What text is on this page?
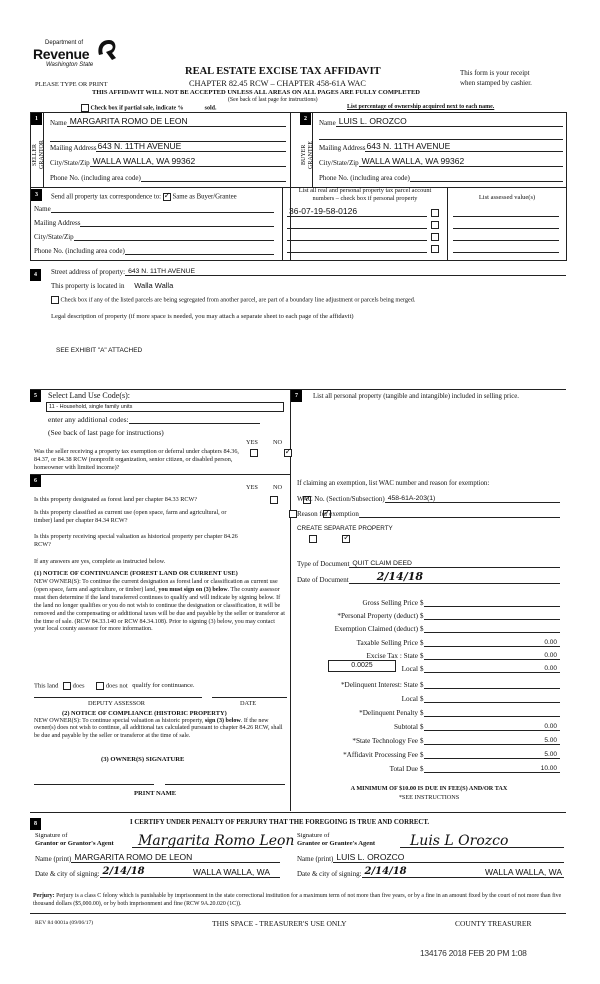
Department of
Revenue
Washington State
PLEASE TYPE OR PRINT
REAL ESTATE EXCISE TAX AFFIDAVIT
CHAPTER 82.45 RCW – CHAPTER 458-61A WAC
This form is your receipt
when stamped by cashier.
THIS AFFIDAVIT WILL NOT BE ACCEPTED UNLESS ALL AREAS ON ALL PAGES ARE FULLY COMPLETED
(See back of last page for instructions)
Check box if partial sale, indicate %	sold.	List percentage of ownership acquired next to each name.
1
SELLER
GRANTOR
Name MARGARITA ROMO DE LEON
Mailing Address 643 N. 11TH AVENUE
City/State/Zip WALLA WALLA, WA 99362
Phone No. (including area code)
2
BUYER
GRANTEE
Name LUIS L. OROZCO
Mailing Address 643 N. 11TH AVENUE
City/State/Zip WALLA WALLA, WA 99362
Phone No. (including area code)
3	Send all property tax correspondence to: ✓ Same as Buyer/Grantee
Name
Mailing Address
City/State/Zip
Phone No. (including area code)
List all real and personal property tax parcel account
numbers – check box if personal property	List assessed value(s)
36-07-19-58-0126
4	Street address of property: 643 N. 11TH AVENUE
This property is located in Walla Walla
Check box if any of the listed parcels are being segregated from another parcel, are part of a boundary line adjustment or parcels being merged.
Legal description of property (if more space is needed, you may attach a separate sheet to each page of the affidavit)
SEE EXHIBIT "A" ATTACHED
5	Select Land Use Code(s):
11 - Household, single family units
enter any additional codes:
(See back of last page for instructions)
YES NO
Was the seller receiving a property tax exemption or deferral under chapters 84.36, 84.37, or 84.38 RCW (nonprofit organization, senior citizen, or disabled person, homeowner with limited income)?
✓
6
YES NO
Is this property designated as forest land per chapter 84.33 RCW?
✓
Is this property classified as current use (open space, farm and agricultural, or timber) land per chapter 84.34 RCW?
✓
Is this property receiving special valuation as historical property per chapter 84.26 RCW?
✓
If any answers are yes, complete as instructed below.
(1) NOTICE OF CONTINUANCE (FOREST LAND OR CURRENT USE)
NEW OWNER(S): To continue the current designation as forest land or classification as current use (open space, farm and agriculture, or timber) land, you must sign on (3) below. The county assessor must then determine if the land transferred continues to qualify and will indicate by signing below. If the land no longer qualifies or you do not wish to continue the designation or classification, it will be removed and the compensating or additional taxes will be due and payable by the seller or transferor at the time of sale. (RCW 84.33.140 or RCW 84.34.108). Prior to signing (3) below, you may contact your local county assessor for more information.
This land does	does not qualify for continuance.
DEPUTY ASSESSOR	DATE
(2) NOTICE OF COMPLIANCE (HISTORIC PROPERTY)
NEW OWNER(S): To continue special valuation as historic property, sign (3) below. If the new owner(s) does not wish to continue, all additional tax calculated pursuant to chapter 84.26 RCW, shall be due and payable by the seller or transferor at the time of sale.
(3) OWNER(S) SIGNATURE
PRINT NAME
7	List all personal property (tangible and intangible) included in selling price.
If claiming an exemption, list WAC number and reason for exemption:
WAC No. (Section/Subsection) 458-61A-203(1)
Reason for exemption
CREATE SEPARATE PROPERTY
Type of Document QUIT CLAIM DEED
Date of Document	2/14/18
Gross Selling Price $
*Personal Property (deduct) $
Exemption Claimed (deduct) $
Taxable Selling Price $	0.00
Excise Tax : State $	0.00
0.0025	Local $	0.00
*Delinquent Interest: State $
Local $
*Delinquent Penalty $
Subtotal $	0.00
*State Technology Fee $	5.00
*Affidavit Processing Fee $	5.00
Total Due $	10.00
A MINIMUM OF $10.00 IS DUE IN FEE(S) AND/OR TAX
*SEE INSTRUCTIONS
8	I CERTIFY UNDER PENALTY OF PERJURY THAT THE FOREGOING IS TRUE AND CORRECT.
Signature of
Grantor or Grantor's Agent Margarita Romo Leon
Name (print) MARGARITA ROMO DE LEON
Date & city of signing: 2/14/18	WALLA WALLA, WA
Signature of
Grantee or Grantee's Agent Luis L Orozco
Name (print) LUIS L. OROZCO
Date & city of signing: 2/14/18	WALLA WALLA, WA
Perjury: Perjury is a class C felony which is punishable by imprisonment in the state correctional institution for a maximum term of not more than five years, or by a fine in an amount fixed by the court of not more than five thousand dollars ($5,000.00), or by both imprisonment and fine (RCW 9A.20.020 (1C)).
REV 84 0001a (09/06/17)	THIS SPACE - TREASURER'S USE ONLY	COUNTY TREASURER
134176 2018 FEB 20 PM 1:08
